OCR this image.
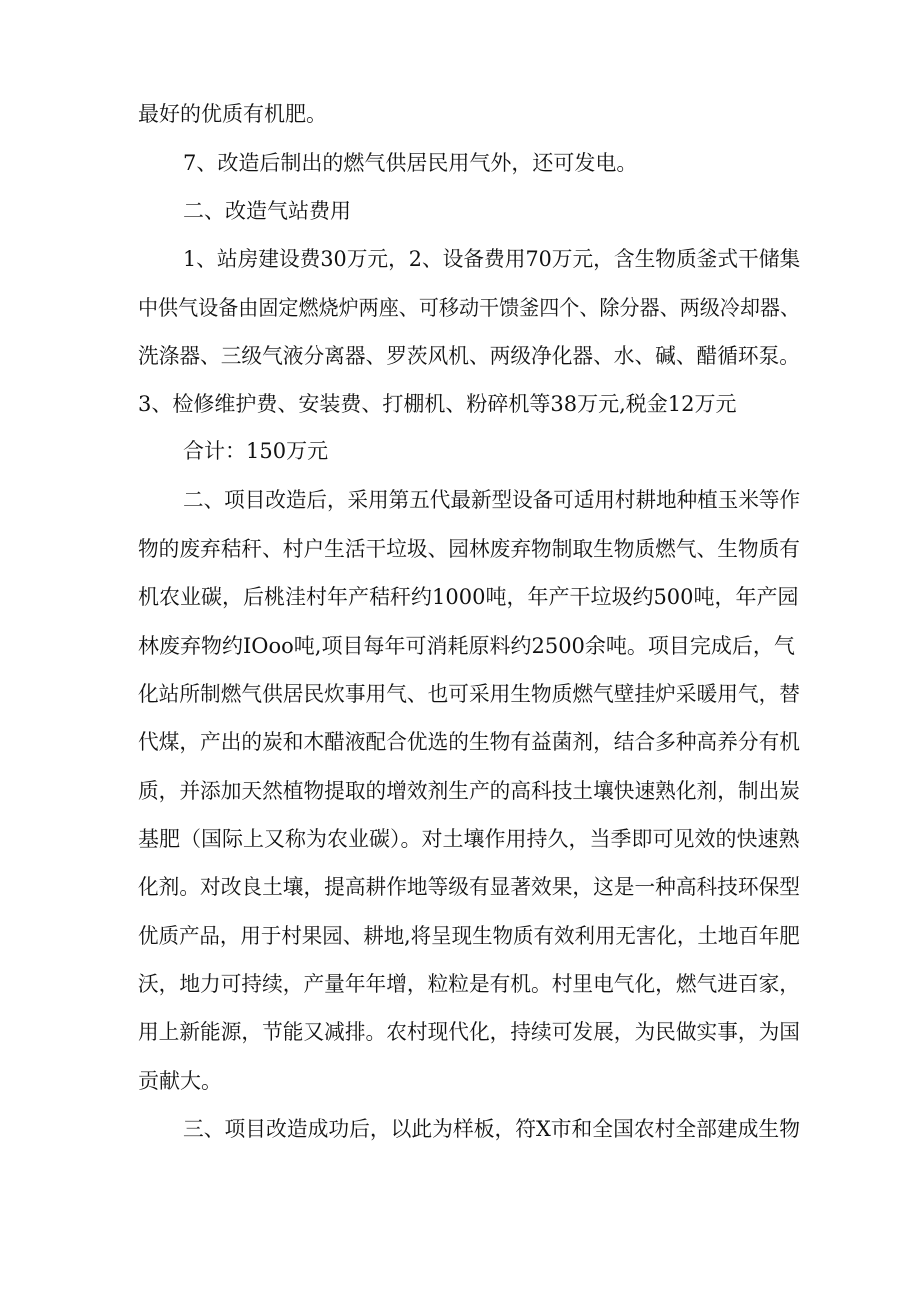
最好的优质有机肥。
7、改造后制出的燃气供居民用气外，还可发电。
二、改造气站费用
1、站房建设费30万元，2、设备费用70万元，含生物质釜式干储集
中供气设备由固定燃烧炉两座、可移动干馈釜四个、除分器、两级冷却器、
洗涤器、三级气液分离器、罗茨风机、两级净化器、水、碱、醋循环泵。
3、检修维护费、安装费、打棚机、粉碎机等38万元,税金12万元
合计：150万元
二、项目改造后，采用第五代最新型设备可适用村耕地种植玉米等作
物的废弃秸秆、村户生活干垃圾、园林废弃物制取生物质燃气、生物质有
机农业碳，后桃洼村年产秸秆约1000吨，年产干垃圾约500吨，年产园
林废弃物约IOoo吨,项目每年可消耗原料约2500余吨。项目完成后，气
化站所制燃气供居民炊事用气、也可采用生物质燃气壁挂炉采暖用气，替
代煤，产出的炭和木醋液配合优选的生物有益菌剂，结合多种高养分有机
质，并添加天然植物提取的增效剂生产的高科技土壤快速熟化剂，制出炭
基肥（国际上又称为农业碳）。对土壤作用持久，当季即可见效的快速熟
化剂。对改良土壤，提高耕作地等级有显著效果，这是一种高科技环保型
优质产品，用于村果园、耕地,将呈现生物质有效利用无害化，土地百年肥
沃，地力可持续，产量年年增，粒粒是有机。村里电气化，燃气进百家，
用上新能源，节能又减排。农村现代化，持续可发展，为民做实事，为国
贡献大。
三、项目改造成功后，以此为样板，符X市和全国农村全部建成生物
